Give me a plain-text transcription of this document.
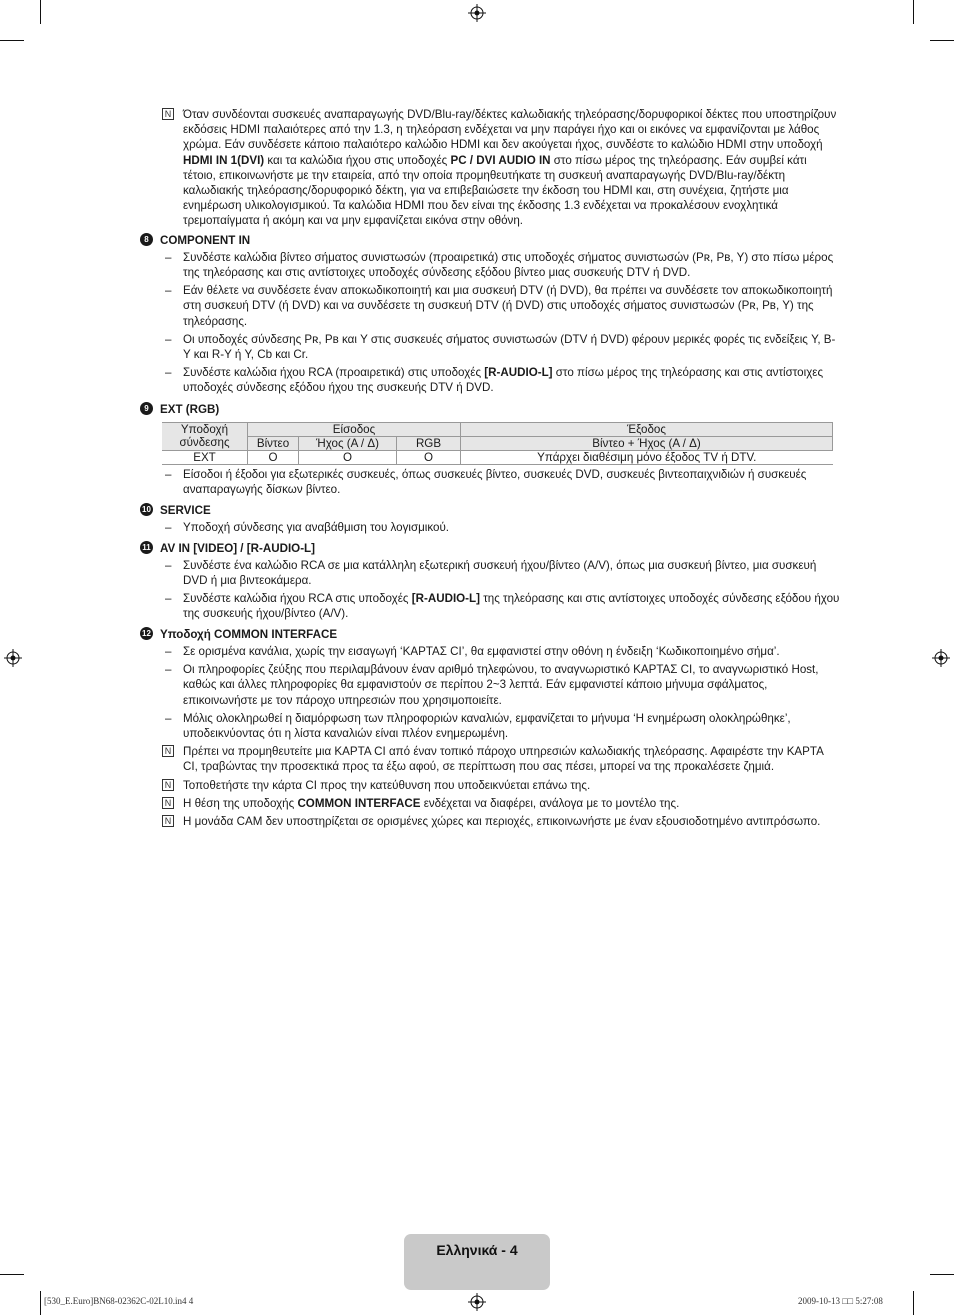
N Όταν συνδέονται συσκευές αναπαραγωγής DVD/Blu-ray/δέκτες καλωδιακής τηλεόρασης/δορυφορικοί δέκτες που υποστηρίζουν εκδόσεις HDMI παλαιότερες από την 1.3, η τηλεόραση ενδέχεται να μην παράγει ήχο και οι εικόνες να εμφανίζονται με λάθος χρώμα. Εάν συνδέσετε κάποιο παλαιότερο καλώδιο HDMI και δεν ακούγεται ήχος, συνδέστε το καλώδιο HDMI στην υποδοχή HDMI IN 1(DVI) και τα καλώδια ήχου στις υποδοχές PC / DVI AUDIO IN στο πίσω μέρος της τηλεόρασης. Εάν συμβεί κάτι τέτοιο, επικοινωνήστε με την εταιρεία, από την οποία προμηθευτήκατε τη συσκευή αναπαραγωγής DVD/Blu-ray/δέκτη καλωδιακής τηλεόρασης/δορυφορικό δέκτη, για να επιβεβαιώσετε την έκδοση του HDMI και, στη συνέχεια, ζητήστε μια ενημέρωση υλικολογισμικού. Τα καλώδια HDMI που δεν είναι της έκδοσης 1.3 ενδέχεται να προκαλέσουν ενοχλητικά τρεμοπαίγματα ή ακόμη και να μην εμφανίζεται εικόνα στην οθόνη.
8 COMPONENT IN
– Συνδέστε καλώδια βίντεο σήματος συνιστωσών (προαιρετικά) στις υποδοχές σήματος συνιστωσών (Pʀ, Pʙ, Y) στο πίσω μέρος της τηλεόρασης και στις αντίστοιχες υποδοχές σύνδεσης εξόδου βίντεο μιας συσκευής DTV ή DVD.
– Εάν θέλετε να συνδέσετε έναν αποκωδικοποιητή και μια συσκευή DTV (ή DVD), θα πρέπει να συνδέσετε τον αποκωδικοποιητή στη συσκευή DTV (ή DVD) και να συνδέσετε τη συσκευή DTV (ή DVD) στις υποδοχές σήματος συνιστωσών (Pʀ, Pʙ, Y) της τηλεόρασης.
– Οι υποδοχές σύνδεσης Pʀ, Pʙ και Y στις συσκευές σήματος συνιστωσών (DTV ή DVD) φέρουν μερικές φορές τις ενδείξεις Y, B-Y και R-Y ή Y, Cb και Cr.
– Συνδέστε καλώδια ήχου RCA (προαιρετικά) στις υποδοχές [R-AUDIO-L] στο πίσω μέρος της τηλεόρασης και στις αντίστοιχες υποδοχές σύνδεσης εξόδου ήχου της συσκευής DTV ή DVD.
9 EXT (RGB)
Υποδοχή σύνδεσης	Είσοδος			Έξοδος
	Βίντεο	Ήχος (A / Δ)	RGB	Βίντεο + Ήχος (A / Δ)
EXT	O	O	O	Υπάρχει διαθέσιμη μόνο έξοδος TV ή DTV.
– Είσοδοι ή έξοδοι για εξωτερικές συσκευές, όπως συσκευές βίντεο, συσκευές DVD, συσκευές βιντεοπαιχνιδιών ή συσκευές αναπαραγωγής δίσκων βίντεο.
10 SERVICE
– Υποδοχή σύνδεσης για αναβάθμιση του λογισμικού.
11 AV IN [VIDEO] / [R-AUDIO-L]
– Συνδέστε ένα καλώδιο RCA σε μια κατάλληλη εξωτερική συσκευή ήχου/βίντεο (A/V), όπως μια συσκευή βίντεο, μια συσκευή DVD ή μια βιντεοκάμερα.
– Συνδέστε καλώδια ήχου RCA στις υποδοχές [R-AUDIO-L] της τηλεόρασης και στις αντίστοιχες υποδοχές σύνδεσης εξόδου ήχου της συσκευής ήχου/βίντεο (A/V).
12 Υποδοχή COMMON INTERFACE
– Σε ορισμένα κανάλια, χωρίς την εισαγωγή ‘ΚΑΡΤΑΣ CI’, θα εμφανιστεί στην οθόνη η ένδειξη ‘Κωδικοποιημένο σήμα’.
– Οι πληροφορίες ζεύξης που περιλαμβάνουν έναν αριθμό τηλεφώνου, το αναγνωριστικό ΚΑΡΤΑΣ CI, το αναγνωριστικό Host, καθώς και άλλες πληροφορίες θα εμφανιστούν σε περίπου 2~3 λεπτά. Εάν εμφανιστεί κάποιο μήνυμα σφάλματος, επικοινωνήστε με τον πάροχο υπηρεσιών που χρησιμοποιείτε.
– Μόλις ολοκληρωθεί η διαμόρφωση των πληροφοριών καναλιών, εμφανίζεται το μήνυμα ‘Η ενημέρωση ολοκληρώθηκε’, υποδεικνύοντας ότι η λίστα καναλιών είναι πλέον ενημερωμένη.
N Πρέπει να προμηθευτείτε μια ΚΑΡΤΑ CI από έναν τοπικό πάροχο υπηρεσιών καλωδιακής τηλεόρασης. Αφαιρέστε την ΚΑΡΤΑ CI, τραβώντας την προσεκτικά προς τα έξω αφού, σε περίπτωση που σας πέσει, μπορεί να της προκαλέσετε ζημιά.
N Τοποθετήστε την κάρτα CI προς την κατεύθυνση που υποδεικνύεται επάνω της.
N Η θέση της υποδοχής COMMON INTERFACE ενδέχεται να διαφέρει, ανάλογα με το μοντέλο της.
N Η μονάδα CAM δεν υποστηρίζεται σε ορισμένες χώρες και περιοχές, επικοινωνήστε με έναν εξουσιοδοτημένο αντιπρόσωπο.
Ελληνικά - 4
[530_E.Euro]BN68-02362C-02L10.in4 4	2009-10-13 □□ 5:27:08
